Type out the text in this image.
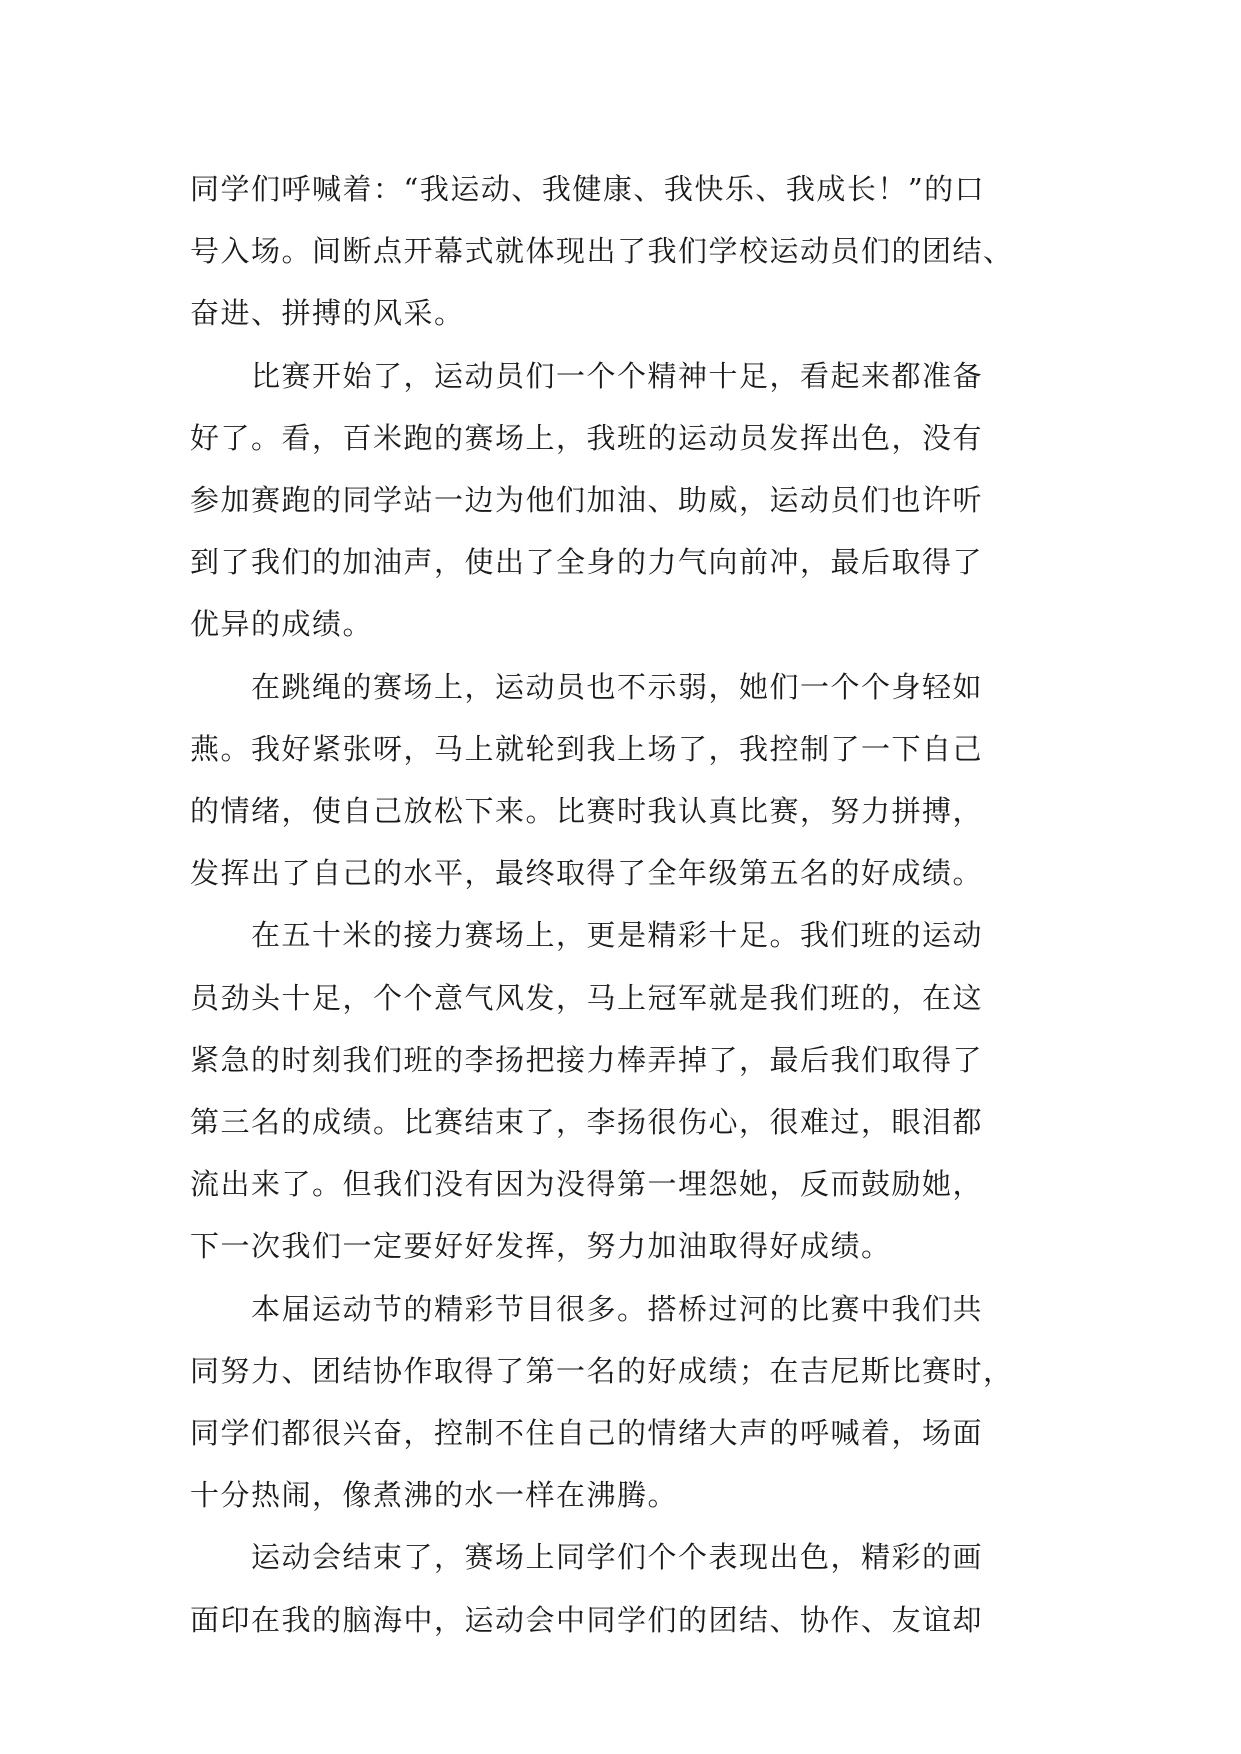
同学们呼喊着：“我运动、我健康、我快乐、我成长！”的口
号入场。间断点开幕式就体现出了我们学校运动员们的团结、
奋进、拼搏的风采。

　　比赛开始了，运动员们一个个精神十足，看起来都准备
好了。看，百米跑的赛场上，我班的运动员发挥出色，没有
参加赛跑的同学站一边为他们加油、助威，运动员们也许听
到了我们的加油声，使出了全身的力气向前冲，最后取得了
优异的成绩。

　　在跳绳的赛场上，运动员也不示弱，她们一个个身轻如
燕。我好紧张呀，马上就轮到我上场了，我控制了一下自己
的情绪，使自己放松下来。比赛时我认真比赛，努力拼搏，
发挥出了自己的水平，最终取得了全年级第五名的好成绩。

　　在五十米的接力赛场上，更是精彩十足。我们班的运动
员劲头十足，个个意气风发，马上冠军就是我们班的，在这
紧急的时刻我们班的李扬把接力棒弄掉了，最后我们取得了
第三名的成绩。比赛结束了，李扬很伤心，很难过，眼泪都
流出来了。但我们没有因为没得第一埋怨她，反而鼓励她，
下一次我们一定要好好发挥，努力加油取得好成绩。

　　本届运动节的精彩节目很多。搭桥过河的比赛中我们共
同努力、团结协作取得了第一名的好成绩；在吉尼斯比赛时，
同学们都很兴奋，控制不住自己的情绪大声的呼喊着，场面
十分热闹，像煮沸的水一样在沸腾。

　　运动会结束了，赛场上同学们个个表现出色，精彩的画
面印在我的脑海中，运动会中同学们的团结、协作、友谊却
